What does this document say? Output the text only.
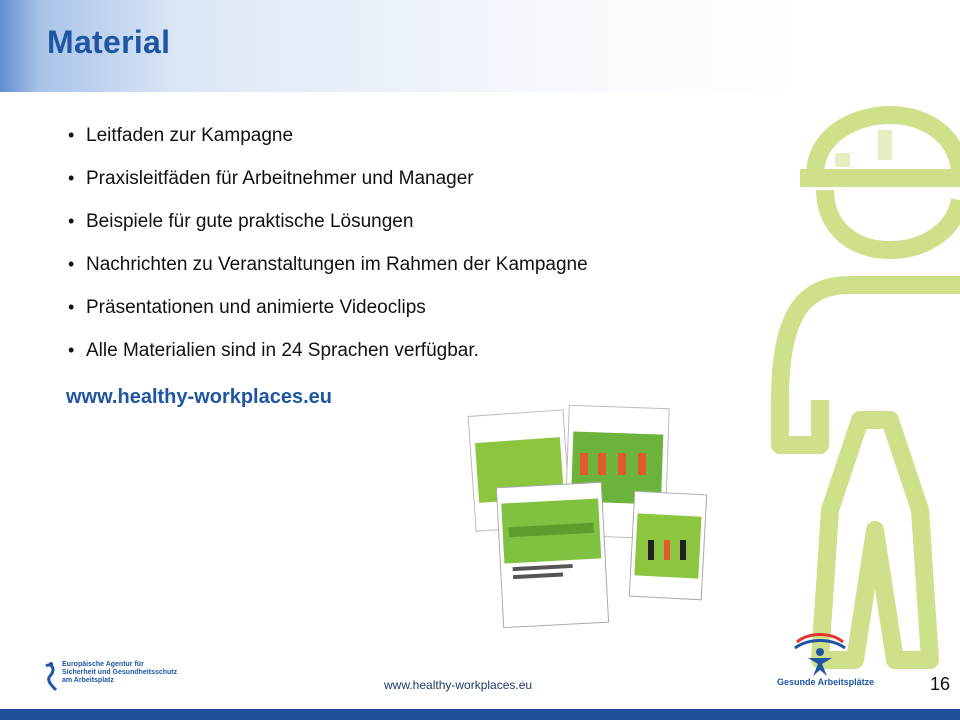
Material
• Leitfaden zur Kampagne
• Praxisleitfäden für Arbeitnehmer und Manager
• Beispiele für gute praktische Lösungen
• Nachrichten zu Veranstaltungen im Rahmen der Kampagne
• Präsentationen und animierte Videoclips
• Alle Materialien sind in 24 Sprachen verfügbar.
www.healthy-workplaces.eu
Europäische Agentur für
Sicherheit und Gesundheitsschutz
am Arbeitsplatz	www.healthy-workplaces.eu	Gesunde Arbeitsplätze	16
